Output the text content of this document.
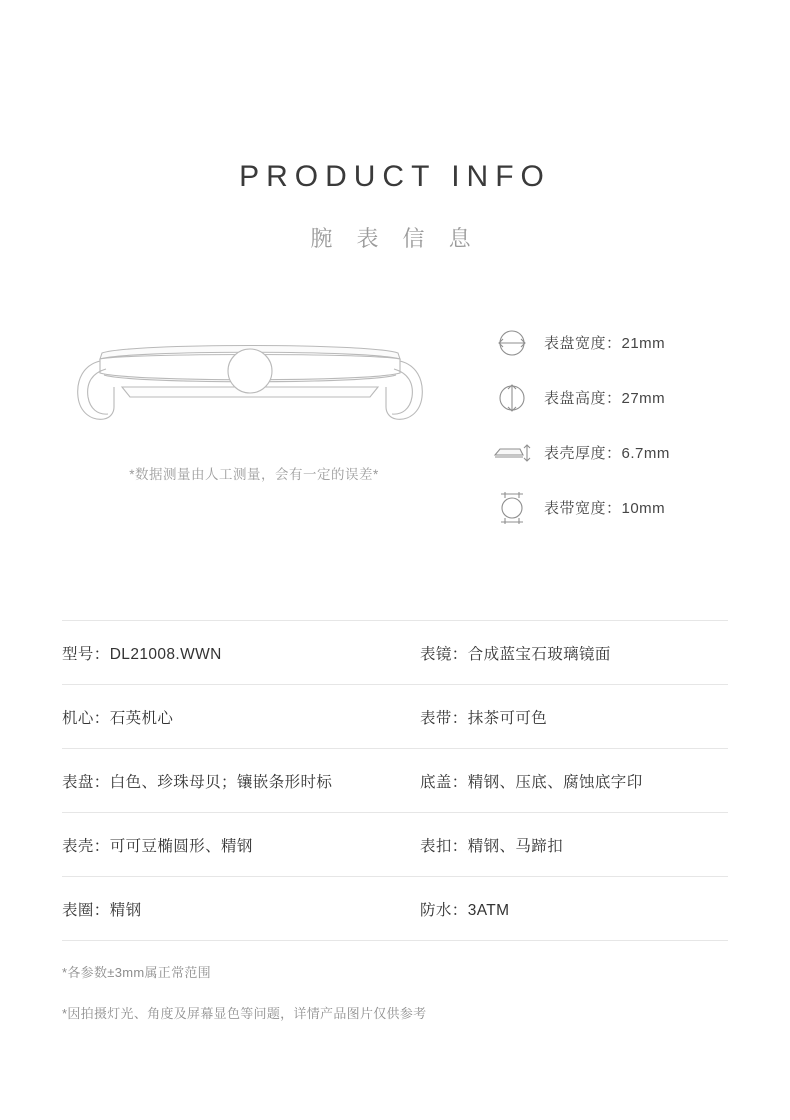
PRODUCT INFO
腕 表 信 息
*数据测量由人工测量，会有一定的误差*
表盘宽度：21mm
表盘高度：27mm
表壳厚度：6.7mm
表带宽度：10mm
型号：DL21008.WWN	表镜：合成蓝宝石玻璃镜面
机心：石英机心	表带：抹茶可可色
表盘：白色、珍珠母贝；镶嵌条形时标	底盖：精钢、压底、腐蚀底字印
表壳：可可豆椭圆形、精钢	表扣：精钢、马蹄扣
表圈：精钢	防水：3ATM
*各参数±3mm属正常范围
*因拍摄灯光、角度及屏幕显色等问题，详情产品图片仅供参考
